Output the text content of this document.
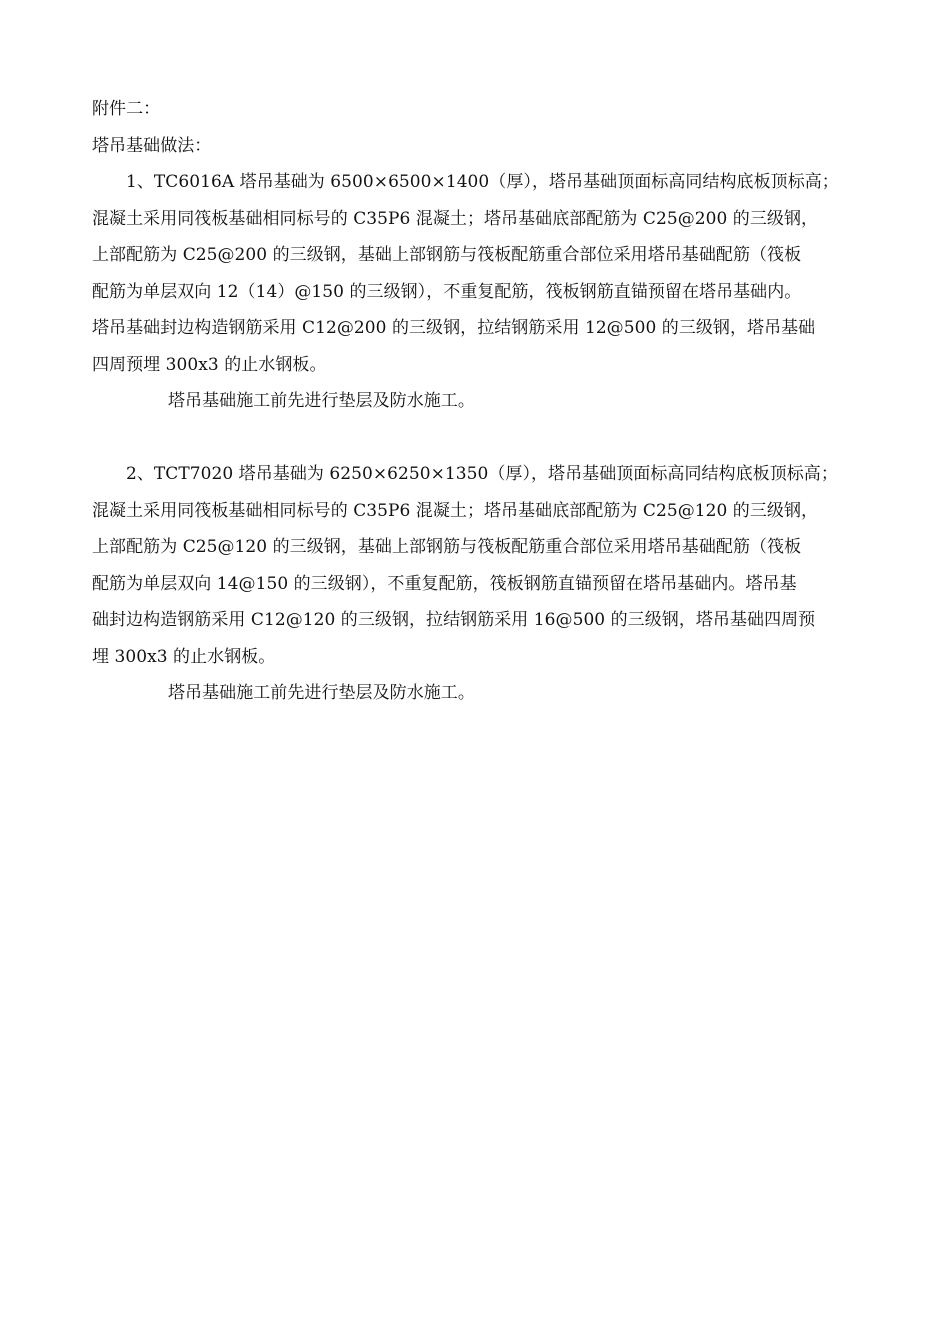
附件二：
塔吊基础做法：
1、TC6016A 塔吊基础为 6500×6500×1400（厚），塔吊基础顶面标高同结构底板顶标高；
混凝土采用同筏板基础相同标号的 C35P6 混凝土；塔吊基础底部配筋为 C25@200 的三级钢，
上部配筋为 C25@200 的三级钢，基础上部钢筋与筏板配筋重合部位采用塔吊基础配筋（筏板
配筋为单层双向 12（14）@150 的三级钢），不重复配筋，筏板钢筋直锚预留在塔吊基础内。
塔吊基础封边构造钢筋采用 C12@200 的三级钢，拉结钢筋采用 12@500 的三级钢，塔吊基础
四周预埋 300x3 的止水钢板。
塔吊基础施工前先进行垫层及防水施工。
2、TCT7020 塔吊基础为 6250×6250×1350（厚），塔吊基础顶面标高同结构底板顶标高；
混凝土采用同筏板基础相同标号的 C35P6 混凝土；塔吊基础底部配筋为 C25@120 的三级钢，
上部配筋为 C25@120 的三级钢，基础上部钢筋与筏板配筋重合部位采用塔吊基础配筋（筏板
配筋为单层双向 14@150 的三级钢），不重复配筋，筏板钢筋直锚预留在塔吊基础内。塔吊基
础封边构造钢筋采用 C12@120 的三级钢，拉结钢筋采用 16@500 的三级钢，塔吊基础四周预
埋 300x3 的止水钢板。
塔吊基础施工前先进行垫层及防水施工。
